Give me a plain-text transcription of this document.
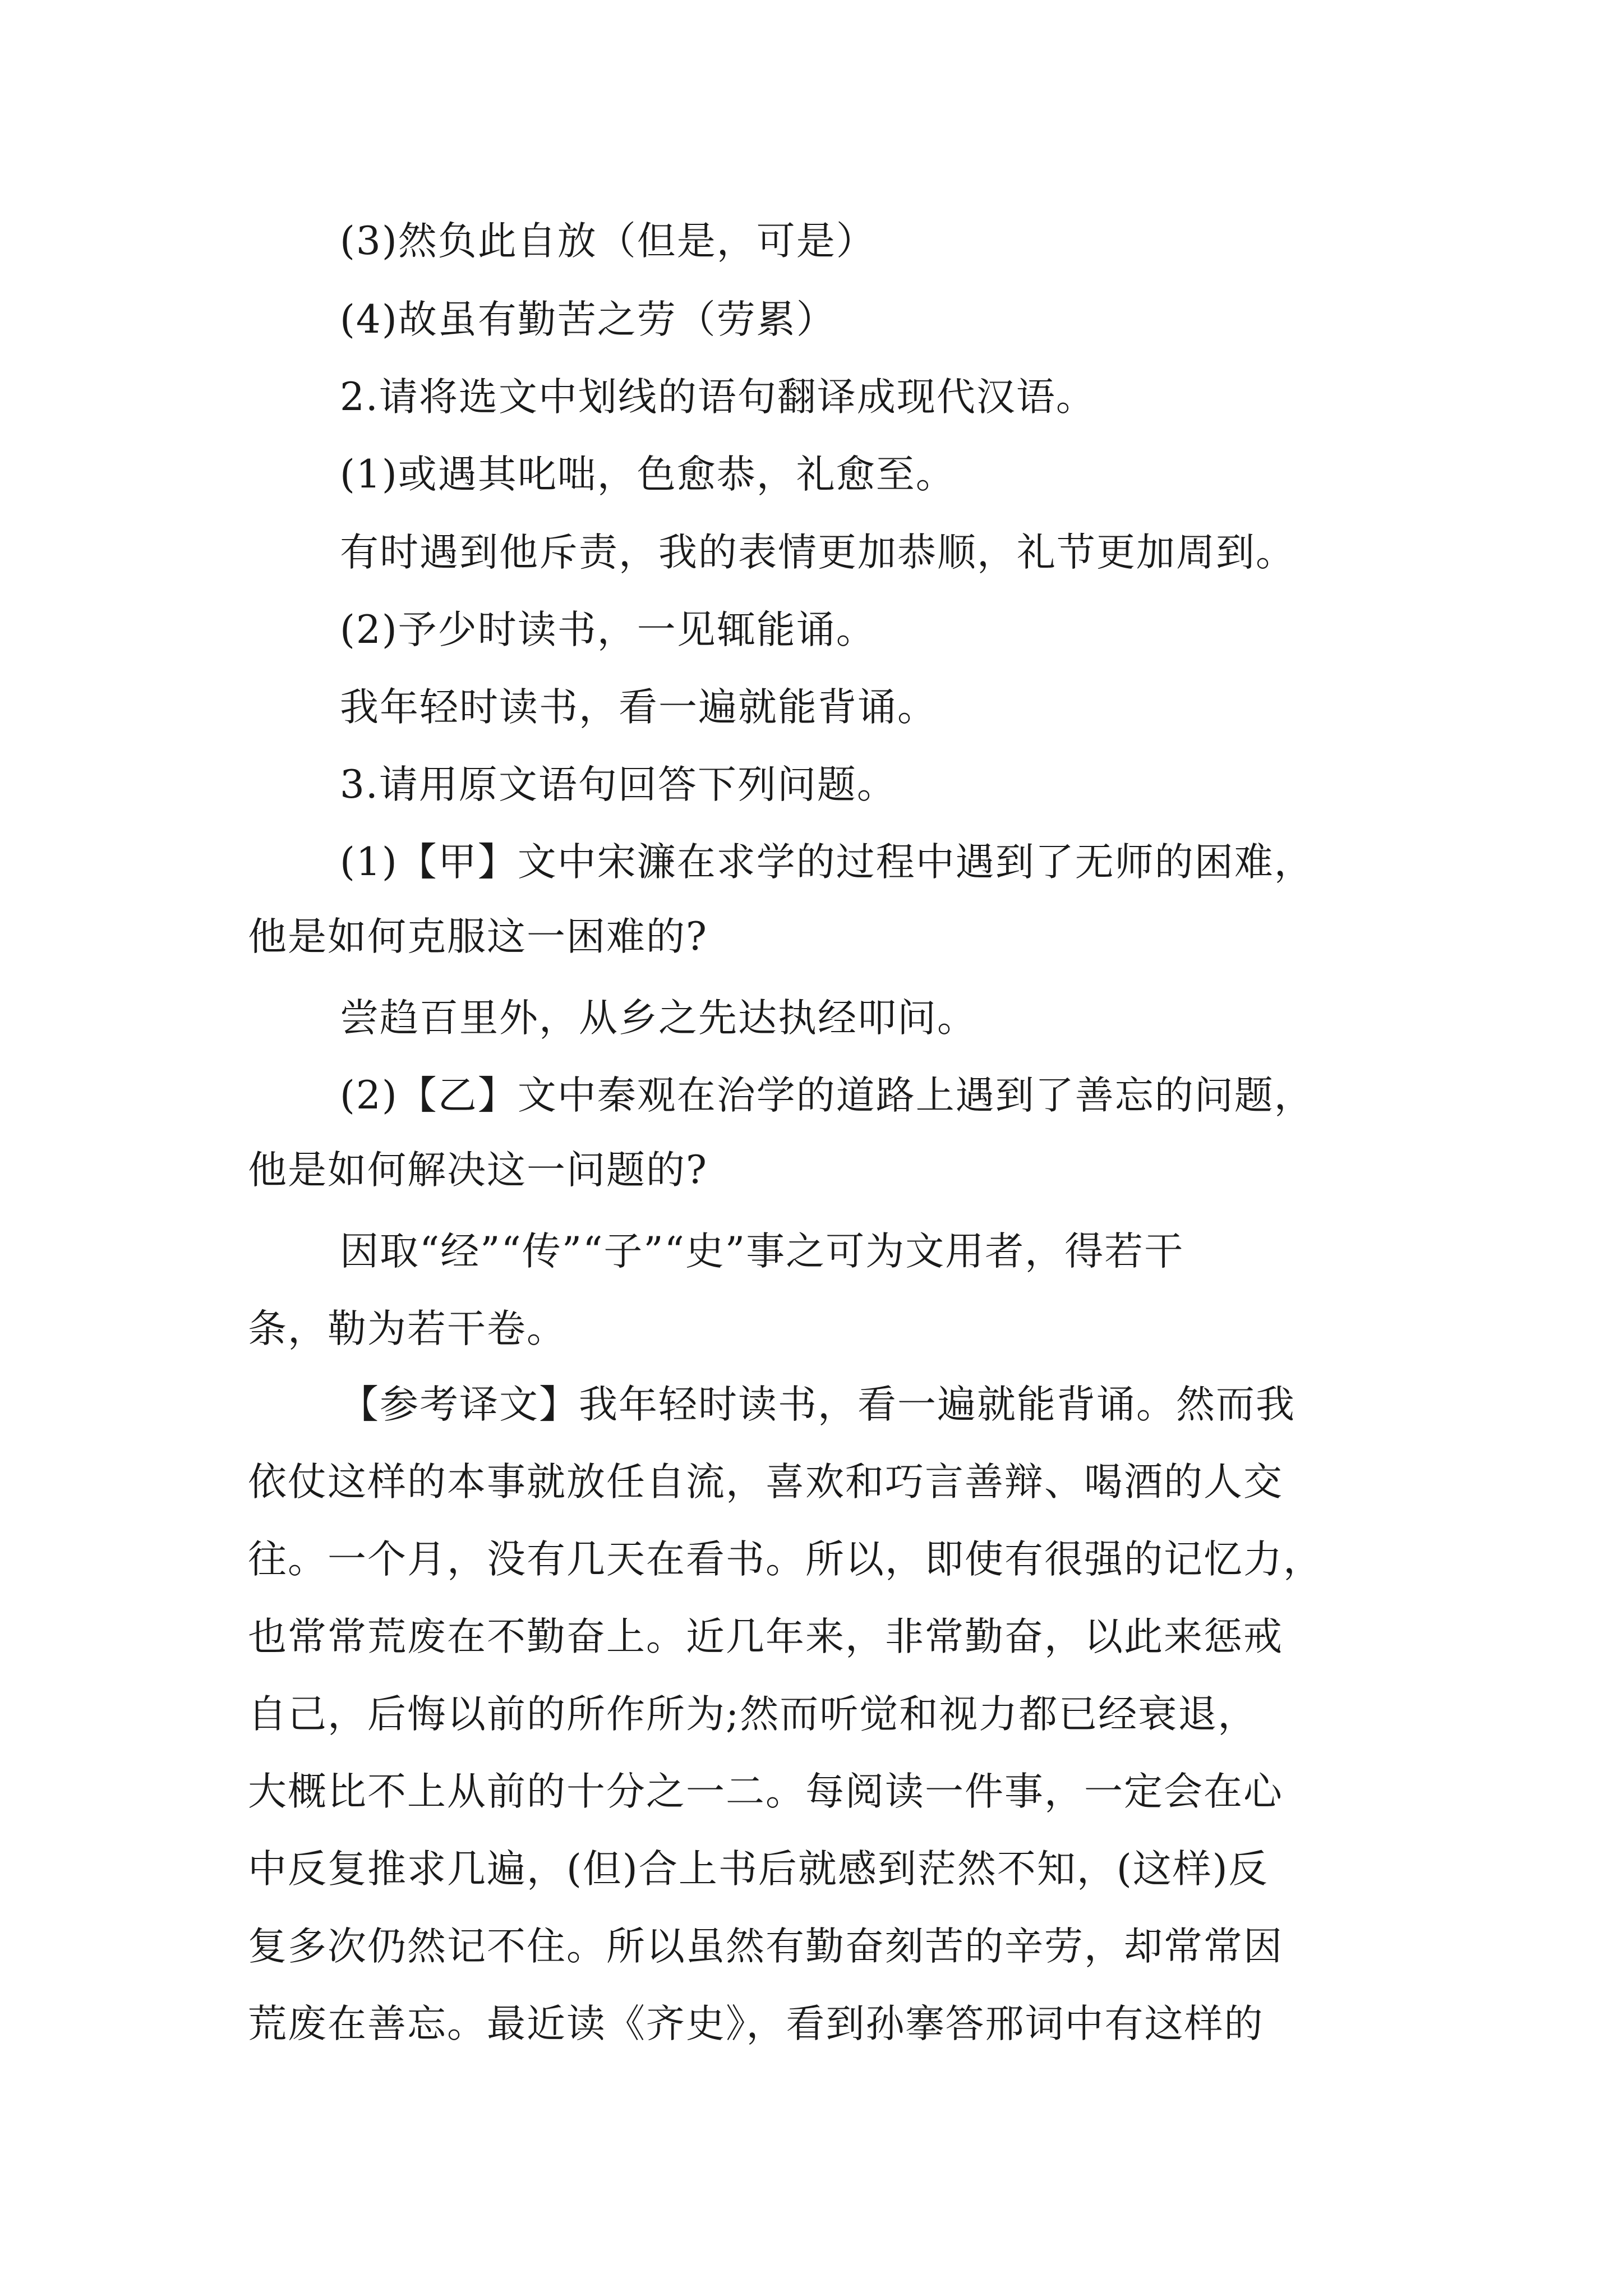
(3)然负此自放（但是，可是）
(4)故虽有勤苦之劳（劳累）
2.请将选文中划线的语句翻译成现代汉语。
(1)或遇其叱咄，色愈恭，礼愈至。
有时遇到他斥责，我的表情更加恭顺，礼节更加周到。
(2)予少时读书，一见辄能诵。
我年轻时读书，看一遍就能背诵。
3.请用原文语句回答下列问题。
(1)【甲】文中宋濂在求学的过程中遇到了无师的困难，
他是如何克服这一困难的?
尝趋百里外，从乡之先达执经叩问。
(2)【乙】文中秦观在治学的道路上遇到了善忘的问题，
他是如何解决这一问题的?
因取“经”“传”“子”“史”事之可为文用者，得若干
条，勒为若干卷。
【参考译文】我年轻时读书，看一遍就能背诵。然而我
依仗这样的本事就放任自流，喜欢和巧言善辩、喝酒的人交
往。一个月，没有几天在看书。所以，即使有很强的记忆力，
也常常荒废在不勤奋上。近几年来，非常勤奋，以此来惩戒
自己，后悔以前的所作所为;然而听觉和视力都已经衰退，
大概比不上从前的十分之一二。每阅读一件事，一定会在心
中反复推求几遍，(但)合上书后就感到茫然不知，(这样)反
复多次仍然记不住。所以虽然有勤奋刻苦的辛劳，却常常因
荒废在善忘。最近读《齐史》，看到孙搴答邢词中有这样的
